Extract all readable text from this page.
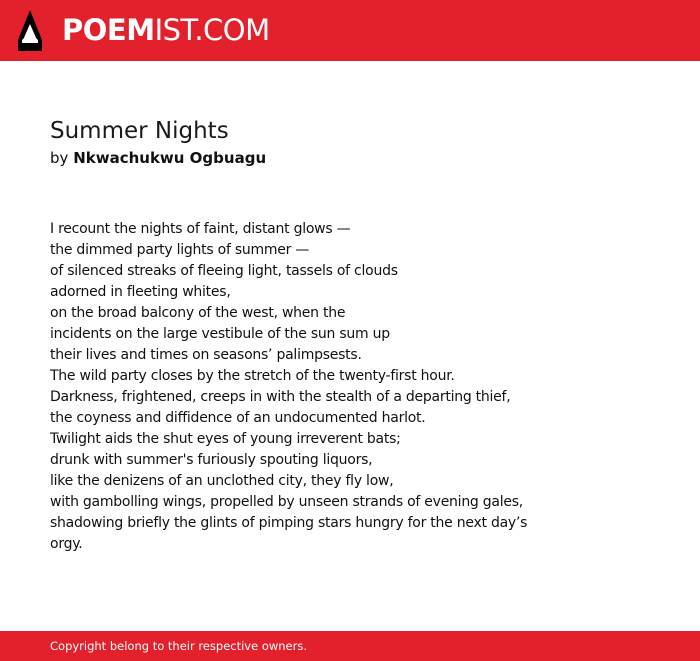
POEMIST.COM
Summer Nights
by Nkwachukwu Ogbuagu
I recount the nights of faint, distant glows —
the dimmed party lights of summer —
of silenced streaks of fleeing light, tassels of clouds
adorned in fleeting whites,
on the broad balcony of the west, when the
incidents on the large vestibule of the sun sum up
their lives and times on seasons’ palimpsests.
The wild party closes by the stretch of the twenty-first hour.
Darkness, frightened, creeps in with the stealth of a departing thief,
the coyness and diffidence of an undocumented harlot.
Twilight aids the shut eyes of young irreverent bats;
drunk with summer's furiously spouting liquors,
like the denizens of an unclothed city, they fly low,
with gambolling wings, propelled by unseen strands of evening gales,
shadowing briefly the glints of pimping stars hungry for the next day’s
orgy.
Copyright belong to their respective owners.
